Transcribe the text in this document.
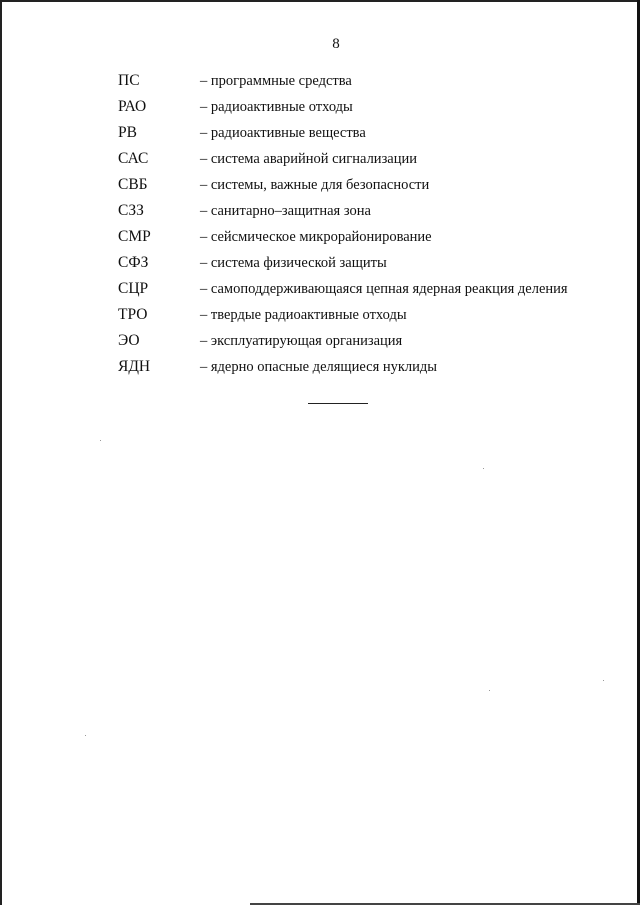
8
ПС	– программные средства
РАО	– радиоактивные отходы
РВ	– радиоактивные вещества
САС	– система аварийной сигнализации
СВБ	– системы, важные для безопасности
СЗЗ	– санитарно–защитная зона
СМР	– сейсмическое микрорайонирование
СФЗ	– система физической защиты
СЦР	– самоподдерживающаяся цепная ядерная реакция деления
ТРО	– твердые радиоактивные отходы
ЭО	– эксплуатирующая организация
ЯДН	– ядерно опасные делящиеся нуклиды
